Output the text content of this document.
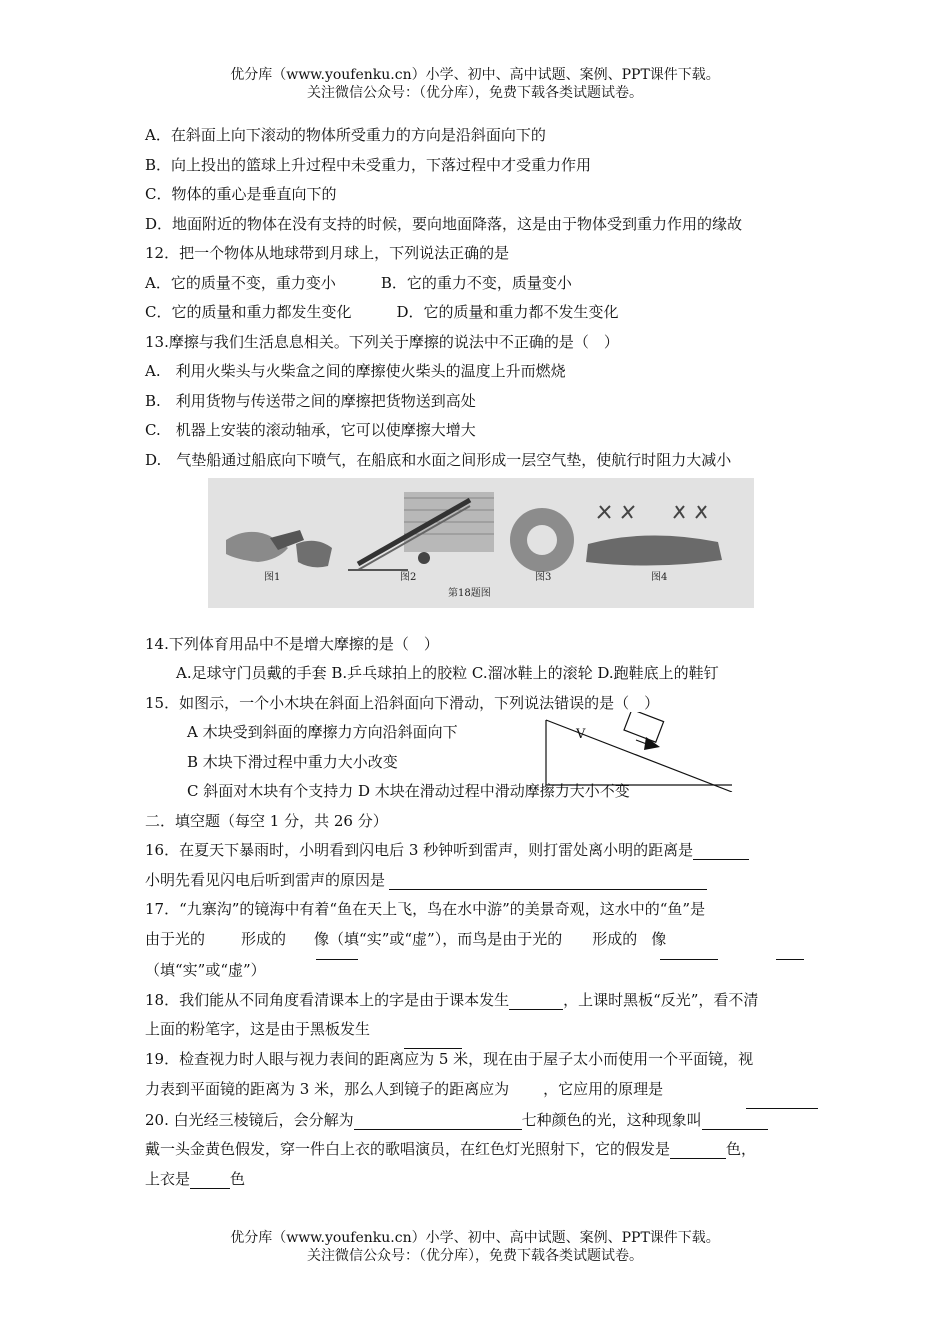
优分库（www.youfenku.cn）小学、初中、高中试题、案例、PPT课件下载。
关注微信公众号：（优分库），免费下载各类试题试卷。
A．在斜面上向下滚动的物体所受重力的方向是沿斜面向下的
B．向上投出的篮球上升过程中未受重力，下落过程中才受重力作用
C．物体的重心是垂直向下的
D．地面附近的物体在没有支持的时候，要向地面降落，这是由于物体受到重力作用的缘故
12．把一个物体从地球带到月球上，下列说法正确的是
A．它的质量不变，重力变小　　　B．它的重力不变，质量变小
C．它的质量和重力都发生变化　　　D．它的质量和重力都不发生变化
13.摩擦与我们生活息息相关。下列关于摩擦的说法中不正确的是（　）
A.　利用火柴头与火柴盒之间的摩擦使火柴头的温度上升而燃烧
B.　利用货物与传送带之间的摩擦把货物送到高处
C.　机器上安装的滚动轴承，它可以使摩擦大增大
D.　气垫船通过船底向下喷气，在船底和水面之间形成一层空气垫，使航行时阻力大减小
图1	图2	图3	图4
第18题图
14.下列体育用品中不是增大摩擦的是（　）
A.足球守门员戴的手套 B.乒乓球拍上的胶粒 C.溜冰鞋上的滚轮 D.跑鞋底上的鞋钉
15．如图示，一个小木块在斜面上沿斜面向下滑动，下列说法错误的是（　）
A 木块受到斜面的摩擦力方向沿斜面向下
B 木块下滑过程中重力大小改变
V
C 斜面对木块有个支持力 D 木块在滑动过程中滑动摩擦力大小不变
二．填空题（每空 1 分，共 26 分）
16．在夏天下暴雨时，小明看到闪电后 3 秒钟听到雷声，则打雷处离小明的距离是
小明先看见闪电后听到雷声的原因是
17．“九寨沟”的镜海中有着“鱼在天上飞，鸟在水中游”的美景奇观，这水中的“鱼”是
由于光的 形成的 像（填“实”或“虚”），而鸟是由于光的 形成的 像
（填“实”或“虚”）
18．我们能从不同角度看清课本上的字是由于课本发生	，上课时黑板“反光”，看不清
上面的粉笔字，这是由于黑板发生
19．检查视力时人眼与视力表间的距离应为 5 米，现在由于屋子太小而使用一个平面镜，视
力表到平面镜的距离为 3 米，那么人到镜子的距离应为 ，它应用的原理是
20. 白光经三棱镜后，会分解为	七种颜色的光，这种现象叫
戴一头金黄色假发，穿一件白上衣的歌唱演员，在红色灯光照射下，它的假发是	色，
上衣是	色
优分库（www.youfenku.cn）小学、初中、高中试题、案例、PPT课件下载。
关注微信公众号：（优分库），免费下载各类试题试卷。
